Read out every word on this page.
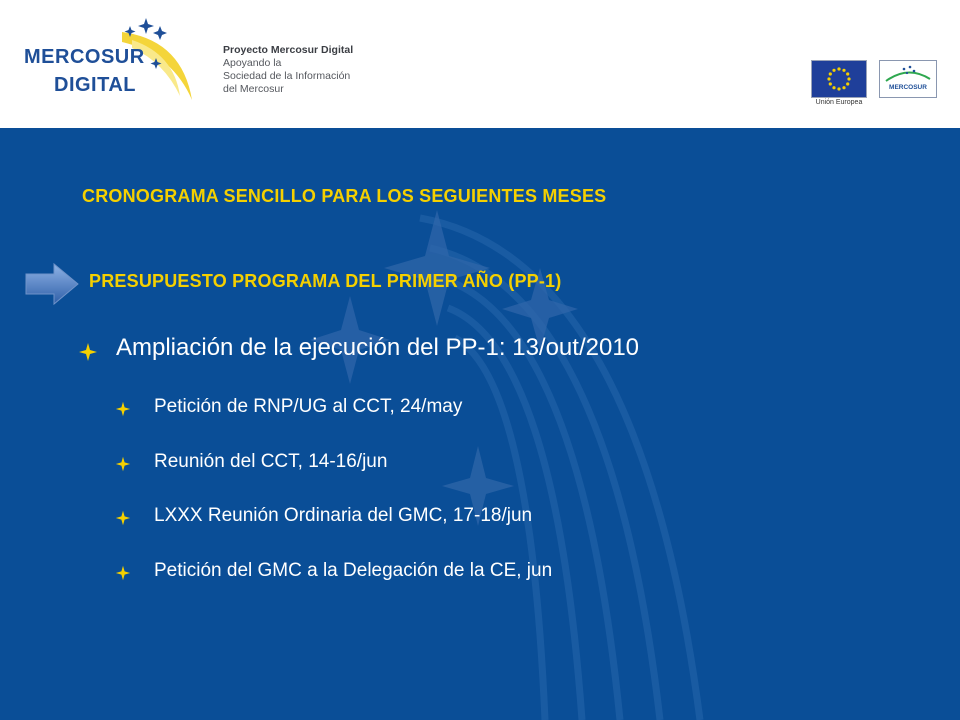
MERCOSUR
DIGITAL
Proyecto Mercosur Digital
Apoyando la
Sociedad de la Información
del Mercosur
Unión Europea
MERCOSUR
CRONOGRAMA SENCILLO PARA LOS SEGUIENTES MESES
PRESUPUESTO PROGRAMA DEL PRIMER AÑO (PP-1)
Ampliación de la ejecución del PP-1: 13/out/2010
Petición de RNP/UG al CCT, 24/may
Reunión del CCT, 14-16/jun
LXXX Reunión Ordinaria del GMC, 17-18/jun
Petición del GMC a la Delegación de la CE, jun
